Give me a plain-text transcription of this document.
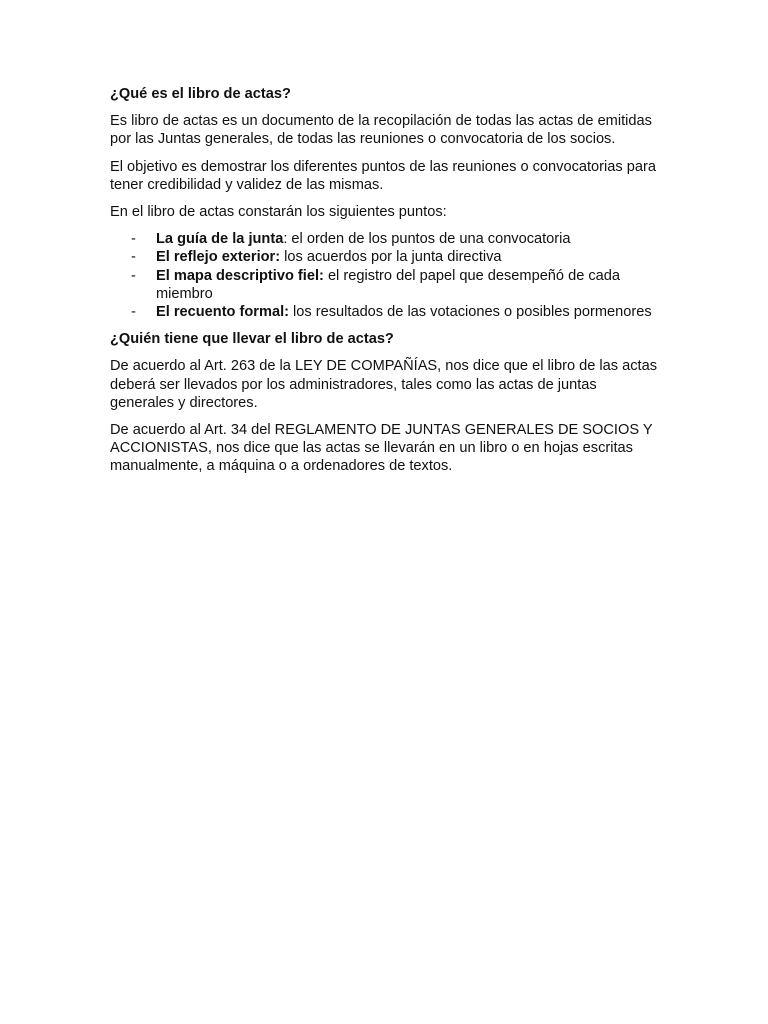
¿Qué es el libro de actas?

Es libro de actas es un documento de la recopilación de todas las actas de emitidas por las Juntas generales, de todas las reuniones o convocatoria de los socios.

El objetivo es demostrar los diferentes puntos de las reuniones o convocatorias para tener credibilidad y validez de las mismas.

En el libro de actas constarán los siguientes puntos:

- La guía de la junta: el orden de los puntos de una convocatoria
- El reflejo exterior: los acuerdos por la junta directiva
- El mapa descriptivo fiel: el registro del papel que desempeñó de cada miembro
- El recuento formal: los resultados de las votaciones o posibles pormenores
¿Quién tiene que llevar el libro de actas?

De acuerdo al Art. 263 de la LEY DE COMPAÑÍAS, nos dice que el libro de las actas deberá ser llevados por los administradores, tales como las actas de juntas generales y directores.

De acuerdo al Art. 34 del REGLAMENTO DE JUNTAS GENERALES DE SOCIOS Y ACCIONISTAS, nos dice que las actas se llevarán en un libro o en hojas escritas manualmente, a máquina o a ordenadores de textos.
